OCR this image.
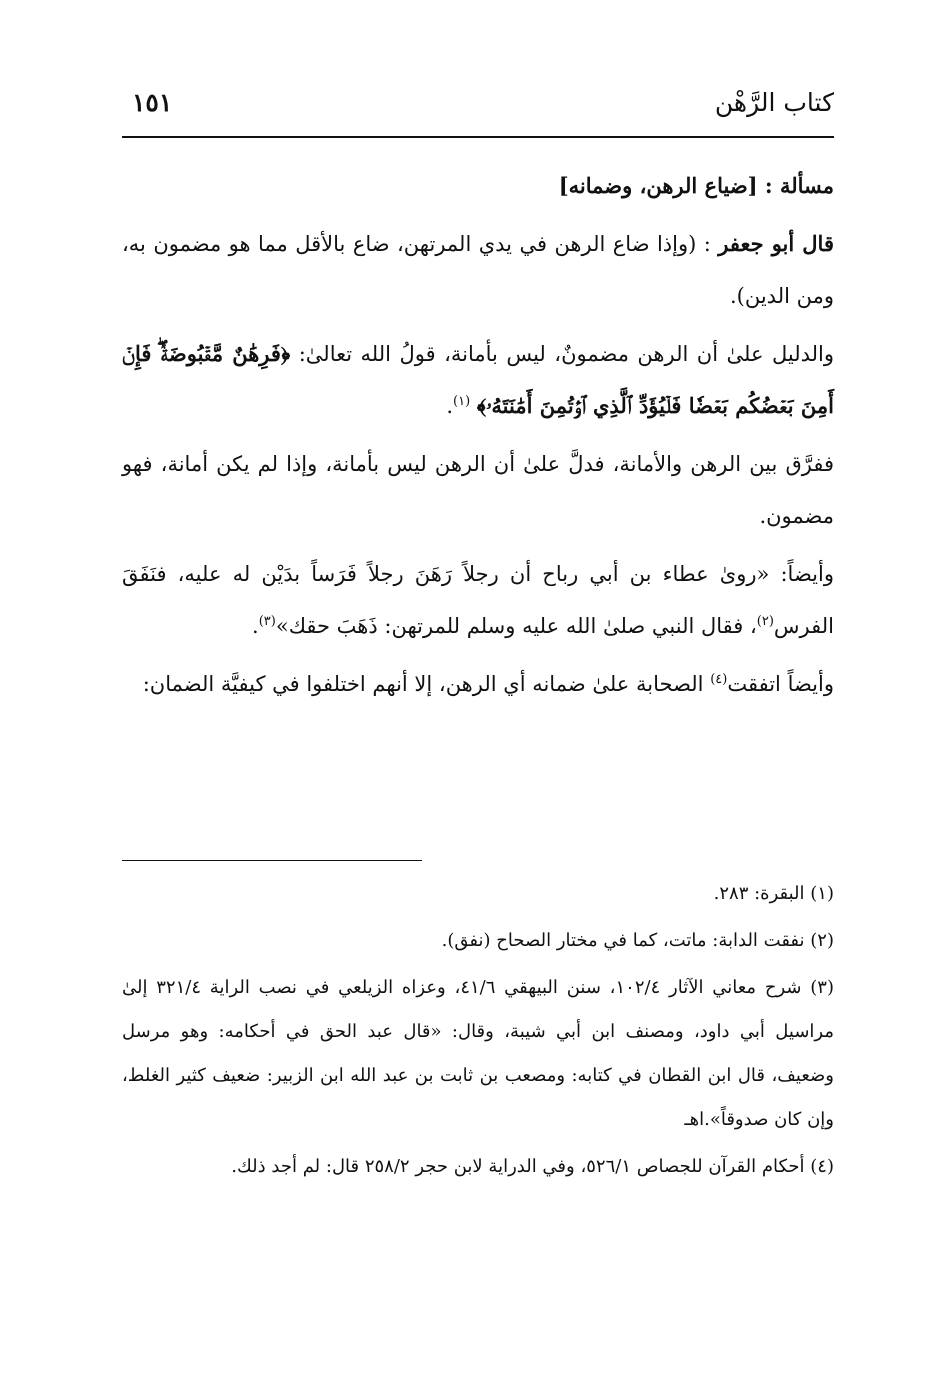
كتاب الرَّهْن
١٥١

مسألة : [ضياع الرهن، وضمانه]

قال أبو جعفر : (وإذا ضاع الرهن في يدي المرتهن، ضاع بالأقل مما هو مضمون به، ومن الدين).

والدليل علىٰ أن الرهن مضمونٌ، ليس بأمانة، قولُ الله تعالىٰ: ﴿فَرِهَٰنٌ مَّقۡبُوضَةٞۖ فَإِنۡ أَمِنَ بَعۡضُكُم بَعۡضٗا فَلۡيُؤَدِّ ٱلَّذِي ٱؤۡتُمِنَ أَمَٰنَتَهُۥ﴾ $^{(١)}$.

ففرَّق بين الرهن والأمانة، فدلَّ علىٰ أن الرهن ليس بأمانة، وإذا لم يكن أمانة، فهو مضمون.

وأيضاً: «روىٰ عطاء بن أبي رباح أن رجلاً رَهَنَ رجلاً فَرَساً بدَيْن له عليه، فنَفَقَ الفرس$^{(٢)}$، فقال النبي صلىٰ الله عليه وسلم للمرتهن: ذَهَبَ حقك»$^{(٣)}$.

وأيضاً اتفقت$^{(٤)}$ الصحابة علىٰ ضمانه أي الرهن، إلا أنهم اختلفوا في كيفيَّة الضمان:

(١) البقرة: ٢٨٣.

(٢) نفقت الدابة: ماتت، كما في مختار الصحاح (نفق).

(٣) شرح معاني الآثار ١٠٢/٤، سنن البيهقي ٤١/٦، وعزاه الزيلعي في نصب الراية ٣٢١/٤ إلىٰ مراسيل أبي داود، ومصنف ابن أبي شيبة، وقال: «قال عبد الحق في أحكامه: وهو مرسل وضعيف، قال ابن القطان في كتابه: ومصعب بن ثابت بن عبد الله ابن الزبير: ضعيف كثير الغلط، وإن كان صدوقاً».اهـ

(٤) أحكام القرآن للجصاص ٥٢٦/١، وفي الدراية لابن حجر ٢٥٨/٢ قال: لم أجد ذلك.
